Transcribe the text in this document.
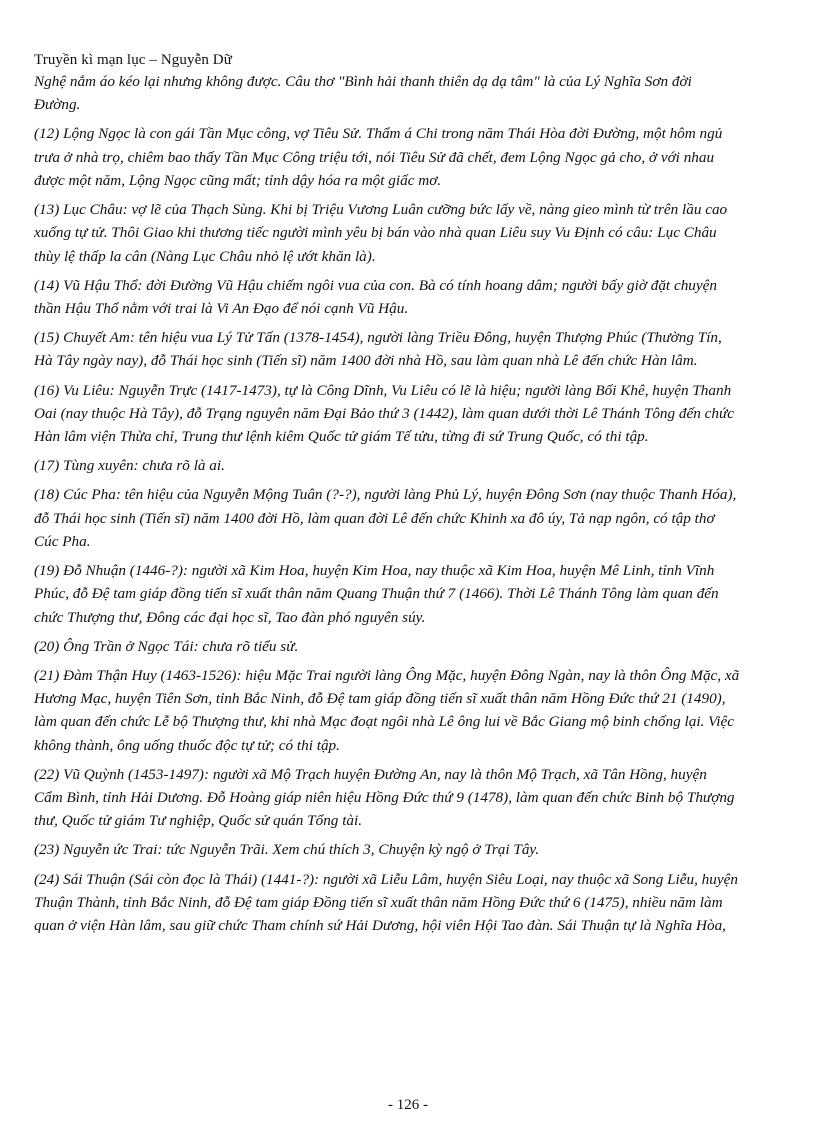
Truyền kì mạn lục – Nguyễn Dữ

Nghệ nắm áo kéo lại nhưng không được. Câu thơ "Bình hải thanh thiên dạ dạ tâm" là của Lý Nghĩa Sơn đời
Đường.

(12) Lộng Ngọc là con gái Tần Mục công, vợ Tiêu Sử. Thẩm á Chi trong năm Thái Hòa đời Đường, một hôm ngủ
trưa ở nhà trọ, chiêm bao thấy Tần Mục Công triệu tới, nói Tiêu Sử đã chết, đem Lộng Ngọc gả cho, ở với nhau
được một năm, Lộng Ngọc cũng mất; tỉnh dậy hóa ra một giấc mơ.

(13) Lục Châu: vợ lẽ của Thạch Sùng. Khi bị Triệu Vương Luân cưỡng bức lấy về, nàng gieo mình từ trên lầu cao
xuống tự tử. Thôi Giao khi thương tiếc người mình yêu bị bán vào nhà quan Liêu suy Vu Định có câu: Lục Châu
thùy lệ thấp la cân (Nàng Lục Châu nhỏ lệ ướt khăn là).

(14) Vũ Hậu Thổ: đời Đường Vũ Hậu chiếm ngôi vua của con. Bà có tính hoang dâm; người bấy giờ đặt chuyện
thần Hậu Thổ nằm với trai là Vi An Đạo để nói cạnh Vũ Hậu.

(15) Chuyết Am: tên hiệu vua Lý Tử Tấn (1378-1454), người làng Triều Đông, huyện Thượng Phúc (Thường Tín,
Hà Tây ngày nay), đỗ Thái học sinh (Tiến sĩ) năm 1400 đời nhà Hồ, sau làm quan nhà Lê đến chức Hàn lâm.

(16) Vu Liêu: Nguyễn Trực (1417-1473), tự là Công Dĩnh, Vu Liêu có lẽ là hiệu; người làng Bối Khê, huyện Thanh
Oai (nay thuộc Hà Tây), đỗ Trạng nguyên năm Đại Bảo thứ 3 (1442), làm quan dưới thời Lê Thánh Tông đến chức
Hàn lâm viện Thừa chỉ, Trung thư lệnh kiêm Quốc tử giám Tế tửu, từng đi sứ Trung Quốc, có thi tập.

(17) Tùng xuyên: chưa rõ là ai.

(18) Cúc Pha: tên hiệu của Nguyễn Mộng Tuân (?-?), người làng Phủ Lý, huyện Đông Sơn (nay thuộc Thanh Hóa),
đỗ Thái học sinh (Tiến sĩ) năm 1400 đời Hồ, làm quan đời Lê đến chức Khinh xa đô úy, Tả nạp ngôn, có tập thơ
Cúc Pha.

(19) Đỗ Nhuận (1446-?): người xã Kim Hoa, huyện Kim Hoa, nay thuộc xã Kim Hoa, huyện Mê Linh, tỉnh Vĩnh
Phúc, đỗ Đệ tam giáp đồng tiến sĩ xuất thân năm Quang Thuận thứ 7 (1466). Thời Lê Thánh Tông làm quan đến
chức Thượng thư, Đông các đại học sĩ, Tao đàn phó nguyên súy.

(20) Ông Trần ở Ngọc Tái: chưa rõ tiểu sử.

(21) Đàm Thận Huy (1463-1526): hiệu Mặc Trai người làng Ông Mặc, huyện Đông Ngàn, nay là thôn Ông Mặc, xã
Hương Mạc, huyện Tiên Sơn, tỉnh Bắc Ninh, đỗ Đệ tam giáp đồng tiến sĩ xuất thân năm Hồng Đức thứ 21 (1490),
làm quan đến chức Lễ bộ Thượng thư, khi nhà Mạc đoạt ngôi nhà Lê ông lui về Bắc Giang mộ binh chống lại. Việc
không thành, ông uống thuốc độc tự tử; có thi tập.

(22) Vũ Quỳnh (1453-1497): người xã Mộ Trạch huyện Đường An, nay là thôn Mộ Trạch, xã Tân Hồng, huyện
Cẩm Bình, tỉnh Hải Dương. Đỗ Hoàng giáp niên hiệu Hồng Đức thứ 9 (1478), làm quan đến chức Binh bộ Thượng
thư, Quốc tử giám Tư nghiệp, Quốc sử quán Tổng tài.

(23) Nguyễn ức Trai: tức Nguyễn Trãi. Xem chú thích 3, Chuyện kỳ ngộ ở Trại Tây.

(24) Sái Thuận (Sái còn đọc là Thái) (1441-?): người xã Liễu Lâm, huyện Siêu Loại, nay thuộc xã Song Liễu, huyện
Thuận Thành, tỉnh Bắc Ninh, đỗ Đệ tam giáp Đồng tiến sĩ xuất thân năm Hồng Đức thứ 6 (1475), nhiều năm làm
quan ở viện Hàn lâm, sau giữ chức Tham chính sứ Hải Dương, hội viên Hội Tao đàn. Sái Thuận tự là Nghĩa Hòa,

- 126 -
